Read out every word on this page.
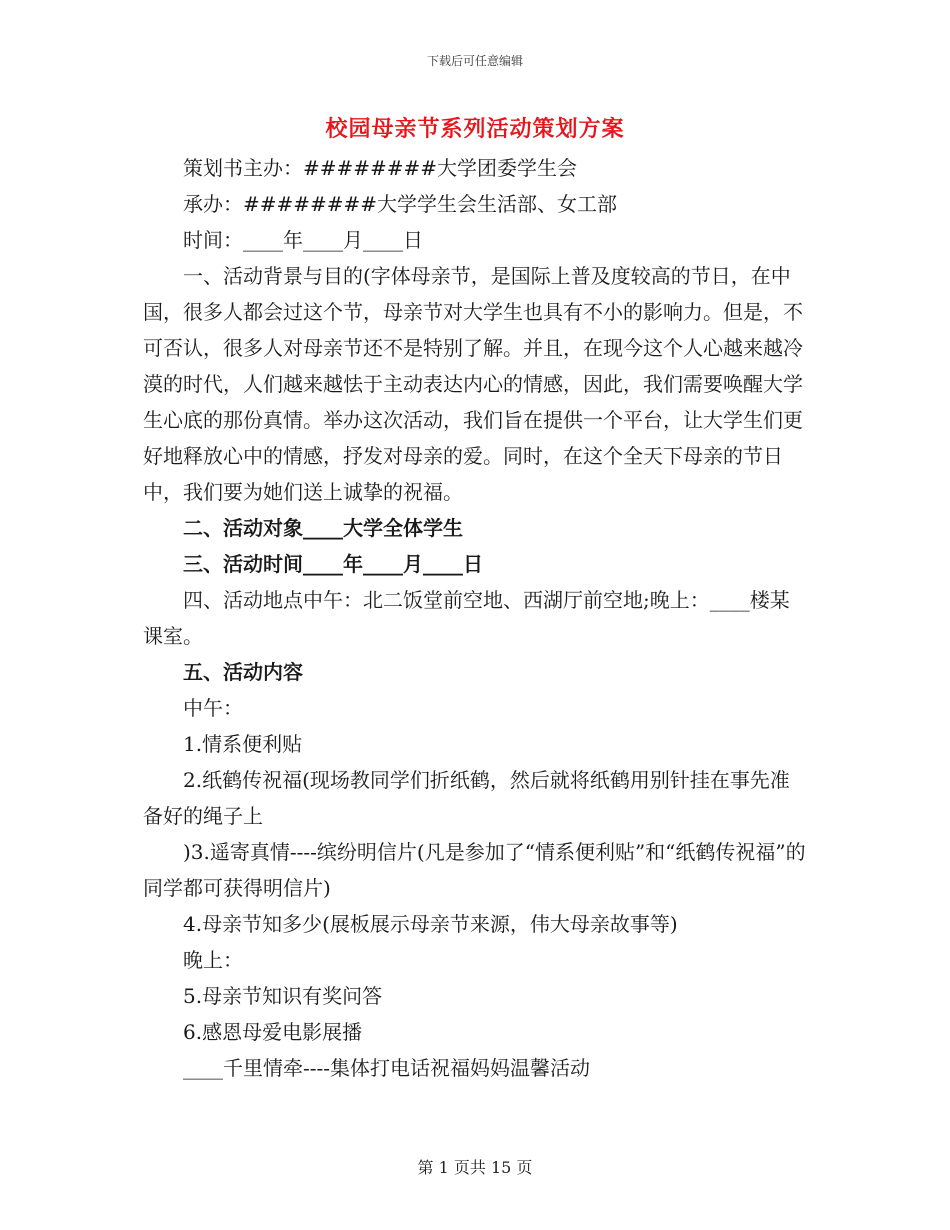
下载后可任意编辑
校园母亲节系列活动策划方案

策划书主办：########大学团委学生会

承办：########大学学生会生活部、女工部

时间：____年____月____日

一、活动背景与目的(字体母亲节，是国际上普及度较高的节日，在中国，很多人都会过这个节，母亲节对大学生也具有不小的影响力。但是，不可否认，很多人对母亲节还不是特别了解。并且，在现今这个人心越来越冷漠的时代，人们越来越怯于主动表达内心的情感，因此，我们需要唤醒大学生心底的那份真情。举办这次活动，我们旨在提供一个平台，让大学生们更好地释放心中的情感，抒发对母亲的爱。同时，在这个全天下母亲的节日中，我们要为她们送上诚挚的祝福。

二、活动对象____大学全体学生

三、活动时间____年____月____日

四、活动地点中午：北二饭堂前空地、西湖厅前空地;晚上：____楼某课室。

五、活动内容

中午：

1.情系便利贴

2.纸鹤传祝福(现场教同学们折纸鹤，然后就将纸鹤用别针挂在事先准备好的绳子上

)3.遥寄真情----缤纷明信片(凡是参加了“情系便利贴”和“纸鹤传祝福”的同学都可获得明信片)

4.母亲节知多少(展板展示母亲节来源，伟大母亲故事等)

晚上：

5.母亲节知识有奖问答

6.感恩母爱电影展播

____千里情牵----集体打电话祝福妈妈温馨活动

第 1 页共 15 页
